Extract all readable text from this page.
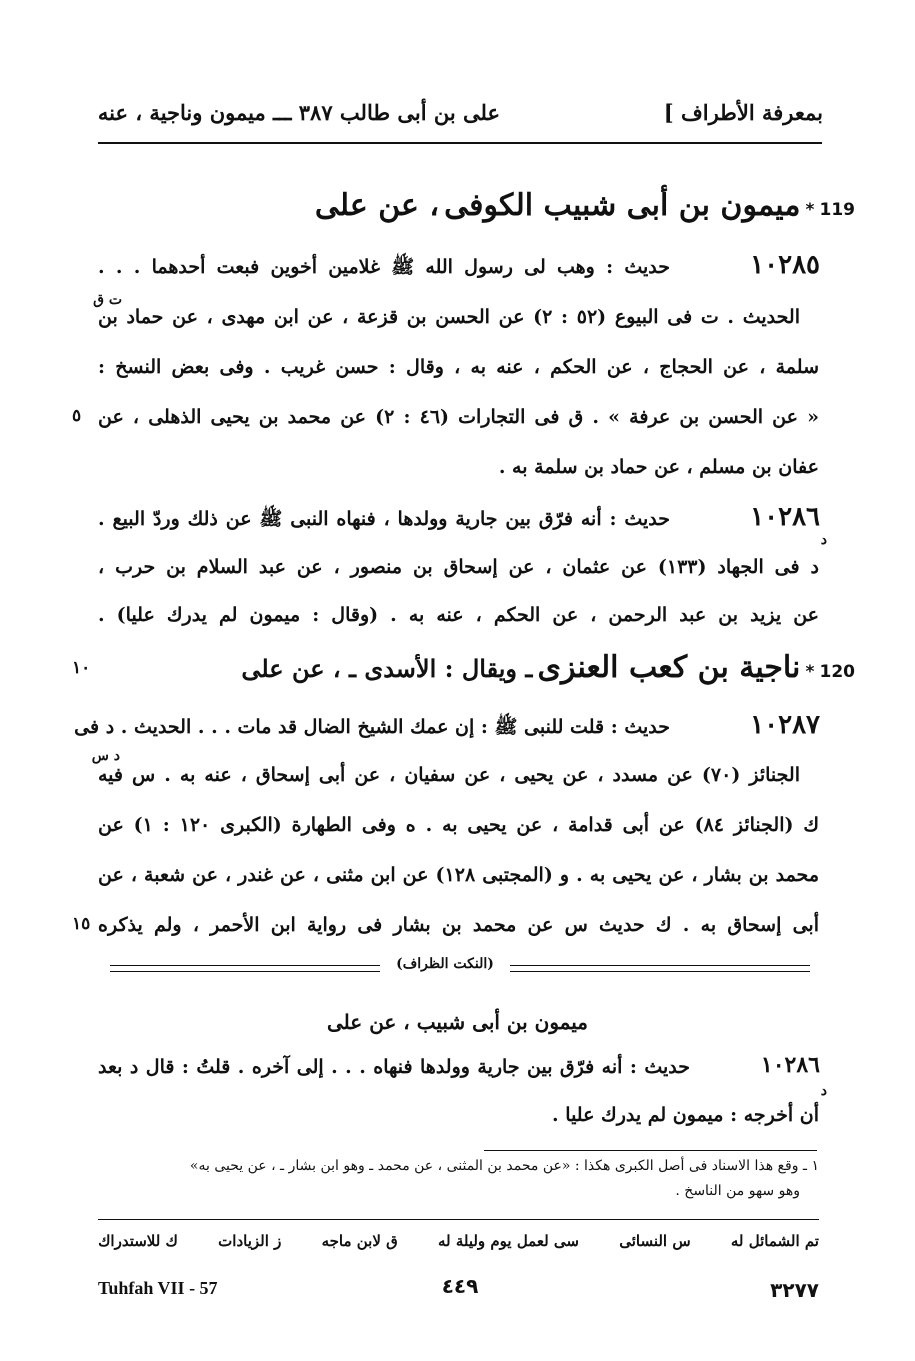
بمعرفة الأطراف ]
على بن أبى طالب ٣٨٧ ـــ ميمون وناجية ، عنه
119 * ميمون بن أبى شبيب الكوفى ، عن على
١٠٢٨٥
حديث : وهب لى رسول الله ﷺ غلامين أخوين فبعت أحدهما . . .
ت ق
الحديث . ت فى البيوع (٥٢ : ٢) عن الحسن بن قزعة ، عن ابن مهدى ، عن حماد بن
سلمة ، عن الحجاج ، عن الحكم ، عنه به ، وقال : حسن غريب . وفى بعض النسخ :
« عن الحسن بن عرفة » . ق فى التجارات (٤٦ : ٢) عن محمد بن يحيى الذهلى ، عن
٥
عفان بن مسلم ، عن حماد بن سلمة به .
١٠٢٨٦
حديث : أنه فرّق بين جارية وولدها ، فنهاه النبى ﷺ عن ذلك وردّ البيع .
د
د فى الجهاد (١٣٣) عن عثمان ، عن إسحاق بن منصور ، عن عبد السلام بن حرب ،
عن يزيد بن عبد الرحمن ، عن الحكم ، عنه به . (وقال : ميمون لم يدرك عليا) .
120 * ناجية بن كعب العنزى ـ ويقال : الأسدى ـ ، عن على
١٠
١٠٢٨٧
حديث : قلت للنبى ﷺ : إن عمك الشيخ الضال قد مات . . . الحديث . د فى
د س
الجنائز (٧٠) عن مسدد ، عن يحيى ، عن سفيان ، عن أبى إسحاق ، عنه به . س فيه
ك (الجنائز ٨٤) عن أبى قدامة ، عن يحيى به . ه وفى الطهارة (الكبرى ١٢٠ : ١) عن
محمد بن بشار ، عن يحيى به . و (المجتبى ١٢٨) عن ابن مثنى ، عن غندر ، عن شعبة ، عن
أبى إسحاق به . ك حديث س عن محمد بن بشار فى رواية ابن الأحمر ، ولم يذكره
١٥
(النكت الظراف)
ميمون بن أبى شبيب ، عن على
١٠٢٨٦
حديث : أنه فرّق بين جارية وولدها فنهاه . . . إلى آخره . قلتُ : قال د بعد
د
أن أخرجه : ميمون لم يدرك عليا .
١ ـ وقع هذا الاسناد فى أصل الكبرى هكذا : «عن محمد بن المثنى ، عن محمد ـ وهو ابن بشار ـ ، عن يحيى به»
وهو سهو من الناسخ .
تم الشمائل له
س النسائى
سى لعمل يوم وليلة له
ق لابن ماجه
ز الزيادات
ك للاستدراك
٣٢٧٧
٤٤٩
Tuhfah VII - 57
